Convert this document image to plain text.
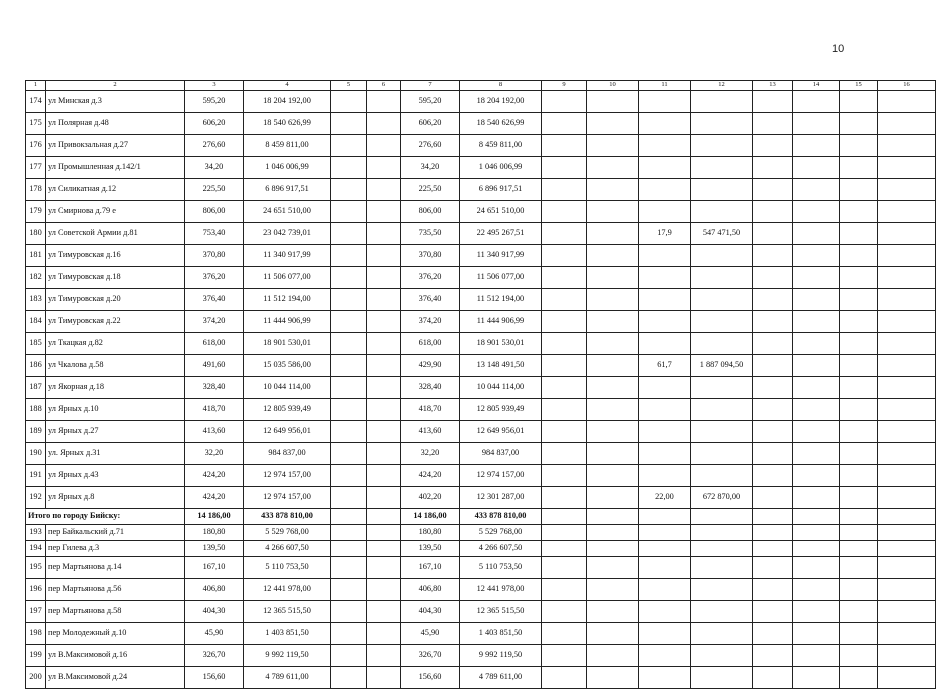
10
1	2	3	4	5	6	7	8	9	10	11	12	13	14	15	16
174	ул Минская д.3	595,20	18 204 192,00			595,20	18 204 192,00								
175	ул Полярная д.48	606,20	18 540 626,99			606,20	18 540 626,99								
176	ул Привокзальная д.27	276,60	8 459 811,00			276,60	8 459 811,00								
177	ул Промышленная д.142/1	34,20	1 046 006,99			34,20	1 046 006,99								
178	ул Силикатная д.12	225,50	6 896 917,51			225,50	6 896 917,51								
179	ул Смирнова д.79 е	806,00	24 651 510,00			806,00	24 651 510,00								
180	ул Советской Армии д.81	753,40	23 042 739,01			735,50	22 495 267,51			17,9	547 471,50				
181	ул Тимуровская д.16	370,80	11 340 917,99			370,80	11 340 917,99								
182	ул Тимуровская д.18	376,20	11 506 077,00			376,20	11 506 077,00								
183	ул Тимуровская д.20	376,40	11 512 194,00			376,40	11 512 194,00								
184	ул Тимуровская д.22	374,20	11 444 906,99			374,20	11 444 906,99								
185	ул Ткацкая д.82	618,00	18 901 530,01			618,00	18 901 530,01								
186	ул Чкалова д.58	491,60	15 035 586,00			429,90	13 148 491,50			61,7	1 887 094,50				
187	ул Якорная д.18	328,40	10 044 114,00			328,40	10 044 114,00								
188	ул Ярных д.10	418,70	12 805 939,49			418,70	12 805 939,49								
189	ул Ярных д.27	413,60	12 649 956,01			413,60	12 649 956,01								
190	ул. Ярных д.31	32,20	984 837,00			32,20	984 837,00								
191	ул Ярных д.43	424,20	12 974 157,00			424,20	12 974 157,00								
192	ул Ярных д.8	424,20	12 974 157,00			402,20	12 301 287,00			22,00	672 870,00				
Итого по городу Бийску:		14 186,00	433 878 810,00			14 186,00	433 878 810,00								
193	пер Байкальский д.71	180,80	5 529 768,00			180,80	5 529 768,00								
194	пер Гилева д.3	139,50	4 266 607,50			139,50	4 266 607,50								
195	пер Мартьянова д.14	167,10	5 110 753,50			167,10	5 110 753,50								
196	пер Мартьянова д.56	406,80	12 441 978,00			406,80	12 441 978,00								
197	пер Мартьянова д.58	404,30	12 365 515,50			404,30	12 365 515,50								
198	пер Молодежный д.10	45,90	1 403 851,50			45,90	1 403 851,50								
199	ул В.Максимовой д.16	326,70	9 992 119,50			326,70	9 992 119,50								
200	ул В.Максимовой д.24	156,60	4 789 611,00			156,60	4 789 611,00								
